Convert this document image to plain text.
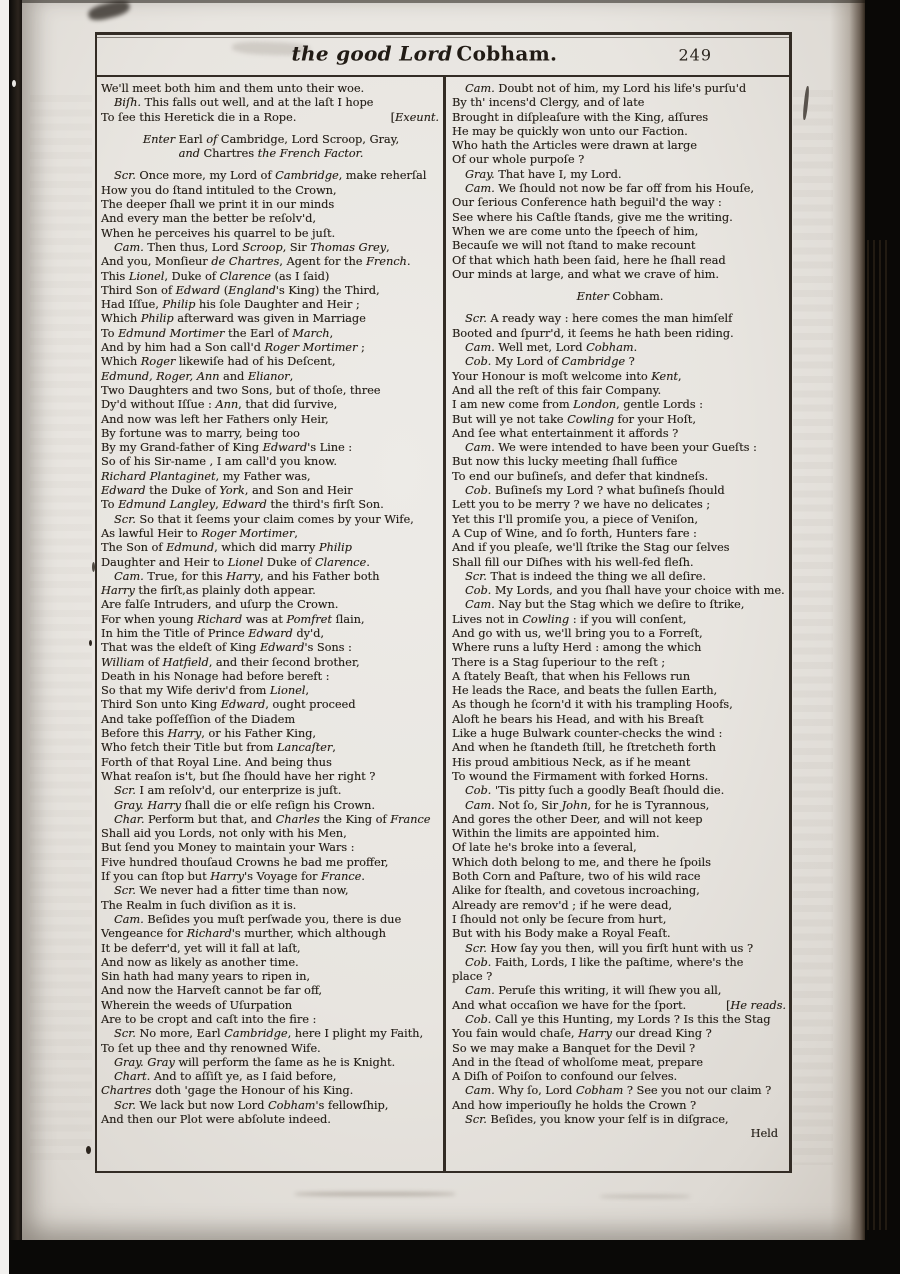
the good Lord Cobham.	249
We'll meet both him and them unto their woe.
Biſh. This falls out well, and at the laſt I hope
To ſee this Heretick die in a Rope.	[Exeunt.
Enter Earl of Cambridge, Lord Scroop, Gray,
and Chartres the French Factor.
Scr. Once more, my Lord of Cambridge, make reherſal
How you do ſtand intituled to the Crown,
The deeper ſhall we print it in our minds
And every man the better be reſolv'd,
When he perceives his quarrel to be juſt.
Cam. Then thus, Lord Scroop, Sir Thomas Grey,
And you, Monſieur de Chartres, Agent for the French.
This Lionel, Duke of Clarence (as I ſaid)
Third Son of Edward (England's King) the Third,
Had Iſſue, Philip his ſole Daughter and Heir ;
Which Philip afterward was given in Marriage
To Edmund Mortimer the Earl of March,
And by him had a Son call'd Roger Mortimer ;
Which Roger likewiſe had of his Deſcent,
Edmund, Roger, Ann and Elianor,
Two Daughters and two Sons, but of thoſe, three
Dy'd without Iſſue : Ann, that did ſurvive,
And now was left her Fathers only Heir,
By fortune was to marry, being too
By my Grand-father of King Edward's Line :
So of his Sir-name , I am call'd you know.
Richard Plantaginet, my Father was,
Edward the Duke of York, and Son and Heir
To Edmund Langley, Edward the third's firſt Son.
Scr. So that it ſeems your claim comes by your Wife,
As lawful Heir to Roger Mortimer,
The Son of Edmund, which did marry Philip
Daughter and Heir to Lionel Duke of Clarence.
Cam. True, for this Harry, and his Father both
Harry the firſt,as plainly doth appear.
Are falſe Intruders, and uſurp the Crown.
For when young Richard was at Pomfret ſlain,
In him the Title of Prince Edward dy'd,
That was the eldeſt of King Edward's Sons :
William of Hatfield, and their ſecond brother,
Death in his Nonage had before bereft :
So that my Wife deriv'd from Lionel,
Third Son unto King Edward, ought proceed
And take poſſeſſion of the Diadem
Before this Harry, or his Father King,
Who fetch their Title but from Lancaſter,
Forth of that Royal Line. And being thus
What reaſon is't, but ſhe ſhould have her right ?
Scr. I am reſolv'd, our enterprize is juſt.
Gray. Harry ſhall die or elſe reſign his Crown.
Char. Perform but that, and Charles the King of France
Shall aid you Lords, not only with his Men,
But ſend you Money to maintain your Wars :
Five hundred thouſaud Crowns he bad me proffer,
If you can ſtop but Harry's Voyage for France.
Scr. We never had a fitter time than now,
The Realm in ſuch diviſion as it is.
Cam. Beſides you muſt perſwade you, there is due
Vengeance for Richard's murther, which although
It be deferr'd, yet will it fall at laſt,
And now as likely as another time.
Sin hath had many years to ripen in,
And now the Harveſt cannot be far off,
Wherein the weeds of Uſurpation
Are to be cropt and caſt into the fire :
Scr. No more, Earl Cambridge, here I plight my Faith,
To ſet up thee and thy renowned Wife.
Gray. Gray will perform the ſame as he is Knight.
Chart. And to aſſiſt ye, as I ſaid before,
Chartres doth 'gage the Honour of his King.
Scr. We lack but now Lord Cobham's fellowſhip,
And then our Plot were abſolute indeed.
Cam. Doubt not of him, my Lord his life's purſu'd
By th' incens'd Clergy, and of late
Brought in diſpleaſure with the King, aſſures
He may be quickly won unto our Faction.
Who hath the Articles were drawn at large
Of our whole purpoſe ?
Gray. That have I, my Lord.
Cam. We ſhould not now be far off from his Houſe,
Our ſerious Conference hath beguil'd the way :
See where his Caſtle ſtands, give me the writing.
When we are come unto the ſpeech of him,
Becauſe we will not ſtand to make recount
Of that which hath been ſaid, here he ſhall read
Our minds at large, and what we crave of him.
Enter Cobham.
Scr. A ready way : here comes the man himſelf
Booted and ſpurr'd, it ſeems he hath been riding.
Cam. Well met, Lord Cobham.
Cob. My Lord of Cambridge ?
Your Honour is moſt welcome into Kent,
And all the reſt of this fair Company.
I am new come from London, gentle Lords :
But will ye not take Cowling for your Hoſt,
And ſee what entertainment it affords ?
Cam. We were intended to have been your Gueſts :
But now this lucky meeting ſhall ſuffice
To end our buſineſs, and defer that kindneſs.
Cob. Buſineſs my Lord ? what buſineſs ſhould
Lett you to be merry ? we have no delicates ;
Yet this I'll promiſe you, a piece of Veniſon,
A Cup of Wine, and ſo forth, Hunters fare :
And if you pleaſe, we'll ſtrike the Stag our ſelves
Shall fill our Diſhes with his well-fed fleſh.
Scr. That is indeed the thing we all deſire.
Cob. My Lords, and you ſhall have your choice with me.
Cam. Nay but the Stag which we deſire to ſtrike,
Lives not in Cowling : if you will conſent,
And go with us, we'll bring you to a Forreſt,
Where runs a luſty Herd : among the which
There is a Stag ſuperiour to the reſt ;
A ſtately Beaſt, that when his Fellows run
He leads the Race, and beats the ſullen Earth,
As though he ſcorn'd it with his trampling Hoofs,
Aloft he bears his Head, and with his Breaſt
Like a huge Bulwark counter-checks the wind :
And when he ſtandeth ſtill, he ſtretcheth forth
His proud ambitious Neck, as if he meant
To wound the Firmament with forked Horns.
Cob. 'Tis pitty ſuch a goodly Beaſt ſhould die.
Cam. Not ſo, Sir John, for he is Tyrannous,
And gores the other Deer, and will not keep
Within the limits are appointed him.
Of late he's broke into a ſeveral,
Which doth belong to me, and there he ſpoils
Both Corn and Paſture, two of his wild race
Alike for ſtealth, and covetous incroaching,
Already are remov'd ; if he were dead,
I ſhould not only be ſecure from hurt,
But with his Body make a Royal Feaſt.
Scr. How ſay you then, will you firſt hunt with us ?
Cob. Faith, Lords, I like the paſtime, where's the
place ?
Cam. Peruſe this writing, it will ſhew you all,
And what occaſion we have for the ſport.	[He reads.
Cob. Call ye this Hunting, my Lords ? Is this the Stag
You fain would chaſe, Harry our dread King ?
So we may make a Banquet for the Devil ?
And in the ſtead of wholſome meat, prepare
A Diſh of Poiſon to confound our ſelves.
Cam. Why ſo, Lord Cobham ? See you not our claim ?
And how imperiouſly he holds the Crown ?
Scr. Beſides, you know your ſelf is in diſgrace,
Held
